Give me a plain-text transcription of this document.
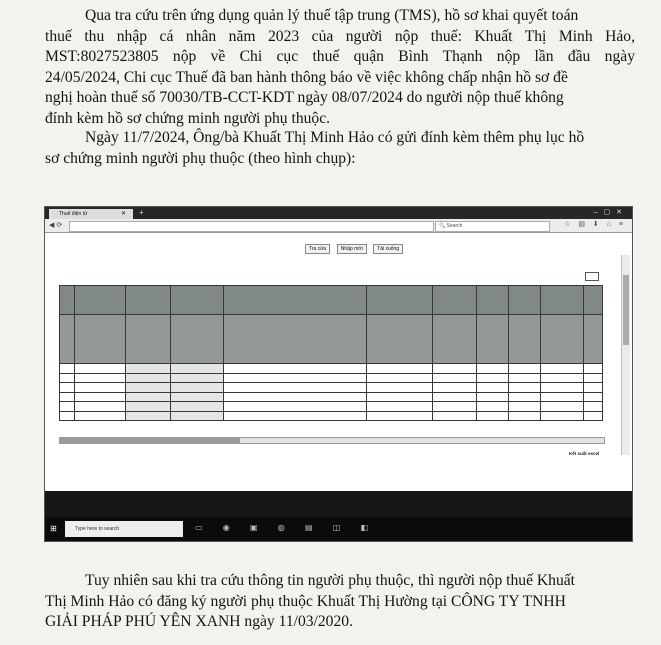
Qua tra cứu trên ứng dụng quản lý thuế tập trung (TMS), hồ sơ khai quyết toán
thuế thu nhập cá nhân năm 2023 của người nộp thuế: Khuất Thị Minh Hảo,
MST:8027523805 nộp về Chi cục thuế quận Bình Thạnh nộp lần đầu ngày
24/05/2024, Chi cục Thuế đã ban hành thông báo về việc không chấp nhận hồ sơ đề
nghị hoàn thuế số 70030/TB-CCT-KDT ngày 08/07/2024 do người nộp thuế không
đính kèm hồ sơ chứng minh người phụ thuộc.
Ngày 11/7/2024, Ông/bà Khuất Thị Minh Hảo có gửi đính kèm thêm phụ lục hồ
sơ chứng minh người phụ thuộc (theo hình chụp):
Thuế điện tử	✕ +	–▢✕
◀ ⟳	🔍 Search	☆ ▤ ⬇ ⌂ ≡
Tra cứu	Nhập mới	Tải xuống

Kết xuất excel
⊞	Type here to search	▭ ◉ ▣ ◍ ▤ ◫ ◧
Tuy nhiên sau khi tra cứu thông tin người phụ thuộc, thì người nộp thuế Khuất
Thị Minh Hảo có đăng ký người phụ thuộc Khuất Thị Hường tại CÔNG TY TNHH
GIẢI PHÁP PHÚ YÊN XANH ngày 11/03/2020.
